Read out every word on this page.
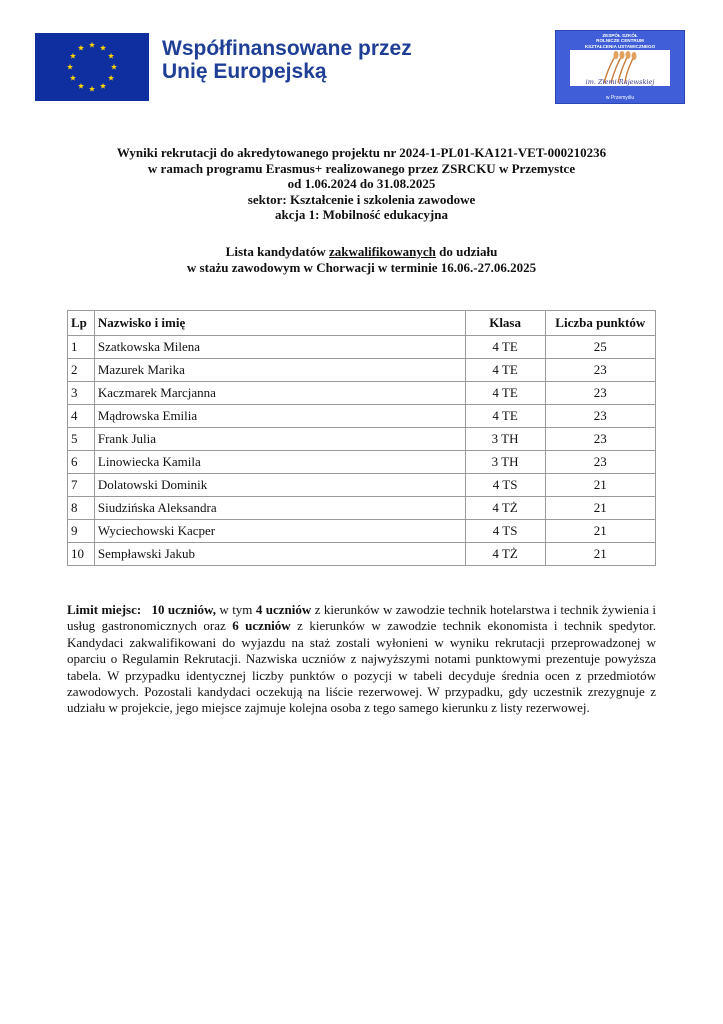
Współfinansowane przez
Unię Europejską	im. Ziemi Rajewskiej
ZESPÓŁ SZKÓŁ
ROLNICZE CENTRUM
KSZTAŁCENIA USTAWICZNEGO
w Przemyślu
Wyniki rekrutacji do akredytowanego projektu nr 2024-1-PL01-KA121-VET-000210236
w ramach programu Erasmus+ realizowanego przez ZSRCKU w Przemystce
od 1.06.2024 do 31.08.2025
sektor: Kształcenie i szkolenia zawodowe
akcja 1: Mobilność edukacyjna
Lista kandydatów zakwalifikowanych do udziału
w stażu zawodowym w Chorwacji w terminie 16.06.-27.06.2025
Lp	Nazwisko i imię	Klasa	Liczba punktów
1	Szatkowska Milena	4 TE	25
2	Mazurek Marika	4 TE	23
3	Kaczmarek Marcjanna	4 TE	23
4	Mądrowska Emilia	4 TE	23
5	Frank Julia	3 TH	23
6	Linowiecka Kamila	3 TH	23
7	Dolatowski Dominik	4 TS	21
8	Siudzińska Aleksandra	4 TŻ	21
9	Wyciechowski Kacper	4 TS	21
10	Sempławski Jakub	4 TŻ	21
Limit miejsc: 10 uczniów, w tym 4 uczniów z kierunków w zawodzie technik hotelarstwa i technik żywienia i usług gastronomicznych oraz 6 uczniów z kierunków w zawodzie technik ekonomista i technik spedytor. Kandydaci zakwalifikowani do wyjazdu na staż zostali wyłonieni w wyniku rekrutacji przeprowadzonej w oparciu o Regulamin Rekrutacji. Nazwiska uczniów z najwyższymi notami punktowymi prezentuje powyższa tabela. W przypadku identycznej liczby punktów o pozycji w tabeli decyduje średnia ocen z przedmiotów zawodowych. Pozostali kandydaci oczekują na liście rezerwowej. W przypadku, gdy uczestnik zrezygnuje z udziału w projekcie, jego miejsce zajmuje kolejna osoba z tego samego kierunku z listy rezerwowej.
